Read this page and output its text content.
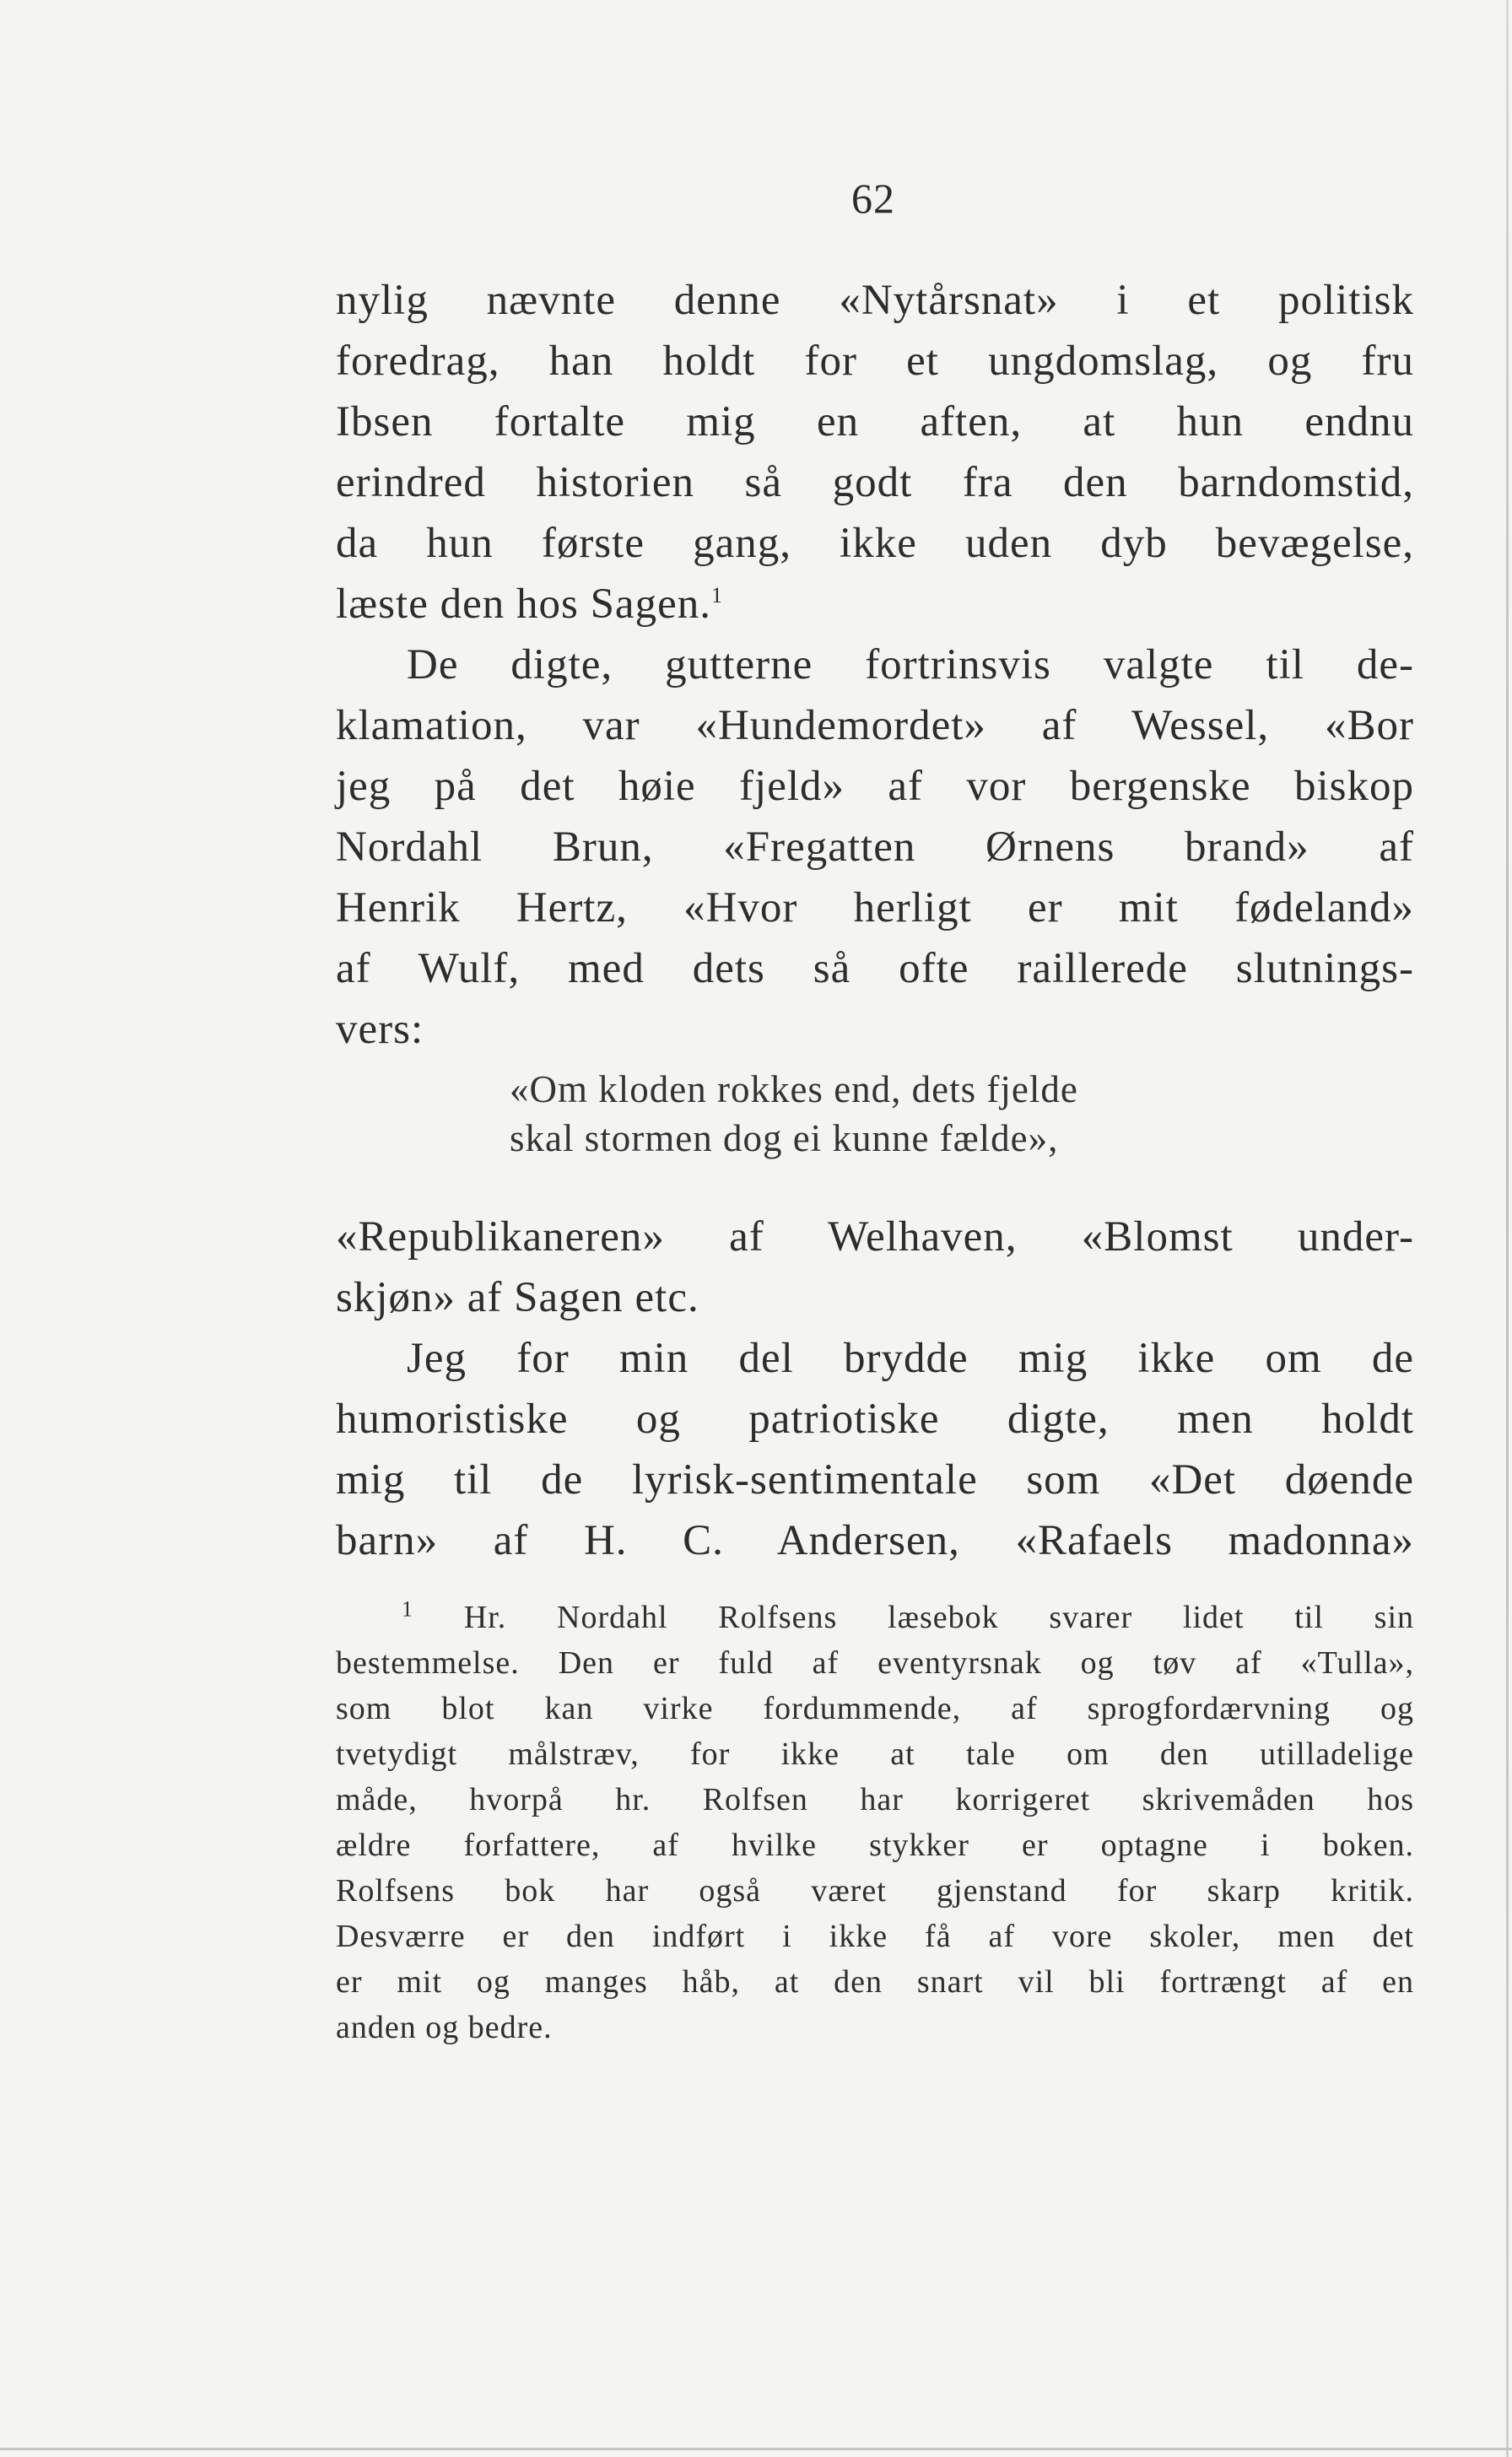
62
nylig nævnte denne «Nytårsnat» i et politisk
foredrag, han holdt for et ungdomslag, og fru
Ibsen fortalte mig en aften, at hun endnu
erindred historien så godt fra den barndomstid,
da hun første gang, ikke uden dyb bevægelse,
læste den hos Sagen.$^1$
De digte, gutterne fortrinsvis valgte til de-
klamation, var «Hundemordet» af Wessel, «Bor
jeg på det høie fjeld» af vor bergenske biskop
Nordahl Brun, «Fregatten Ørnens brand» af
Henrik Hertz, «Hvor herligt er mit fødeland»
af Wulf, med dets så ofte raillerede slutnings-
vers:
«Om kloden rokkes end, dets fjelde
skal stormen dog ei kunne fælde»,
«Republikaneren» af Welhaven, «Blomst under-
skjøn» af Sagen etc.
Jeg for min del brydde mig ikke om de
humoristiske og patriotiske digte, men holdt
mig til de lyrisk-sentimentale som «Det døende
barn» af H. C. Andersen, «Rafaels madonna»
$^1$ Hr. Nordahl Rolfsens læsebok svarer lidet til sin
bestemmelse. Den er fuld af eventyrsnak og tøv af «Tulla»,
som blot kan virke fordummende, af sprogfordærvning og
tvetydigt målstræv, for ikke at tale om den utilladelige
måde, hvorpå hr. Rolfsen har korrigeret skrivemåden hos
ældre forfattere, af hvilke stykker er optagne i boken.
Rolfsens bok har også været gjenstand for skarp kritik.
Desværre er den indført i ikke få af vore skoler, men det
er mit og manges håb, at den snart vil bli fortrængt af en
anden og bedre.
